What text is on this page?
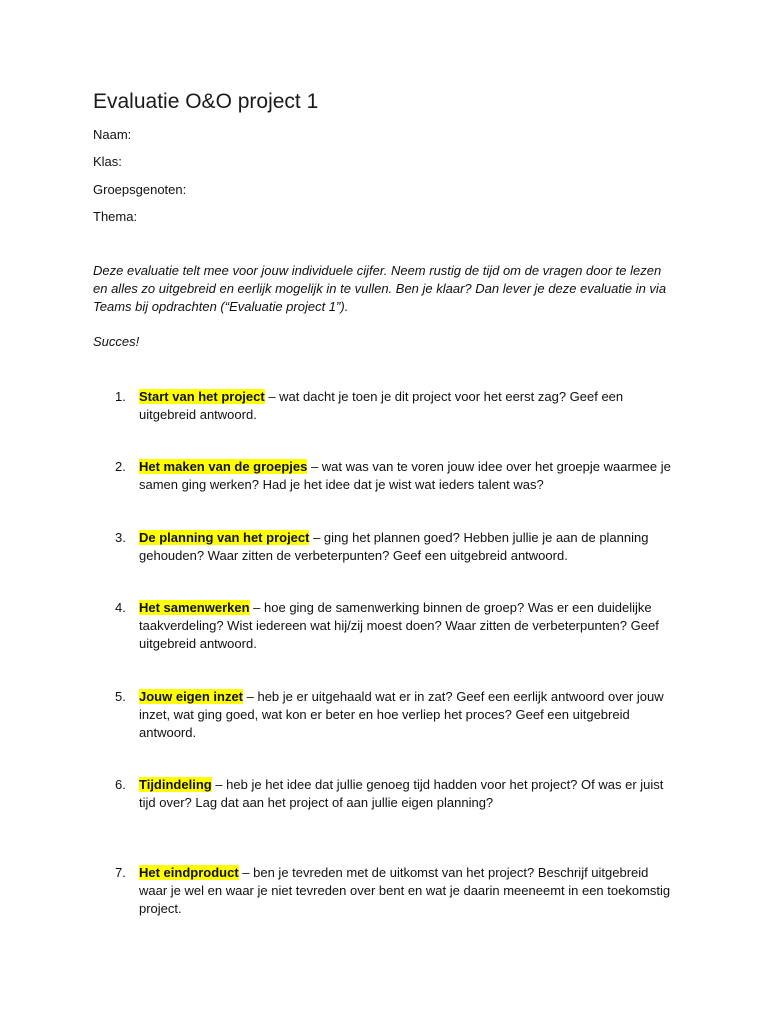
Evaluatie O&O project 1
Naam:
Klas:
Groepsgenoten:
Thema:
Deze evaluatie telt mee voor jouw individuele cijfer. Neem rustig de tijd om de vragen door te lezen en alles zo uitgebreid en eerlijk mogelijk in te vullen. Ben je klaar? Dan lever je deze evaluatie in via Teams bij opdrachten (“Evaluatie project 1”).
Succes!
1.	Start van het project – wat dacht je toen je dit project voor het eerst zag? Geef een uitgebreid antwoord.
2.	Het maken van de groepjes – wat was van te voren jouw idee over het groepje waarmee je samen ging werken? Had je het idee dat je wist wat ieders talent was?
3.	De planning van het project – ging het plannen goed? Hebben jullie je aan de planning gehouden? Waar zitten de verbeterpunten? Geef een uitgebreid antwoord.
4.	Het samenwerken – hoe ging de samenwerking binnen de groep? Was er een duidelijke taakverdeling? Wist iedereen wat hij/zij moest doen? Waar zitten de verbeterpunten? Geef uitgebreid antwoord.
5.	Jouw eigen inzet – heb je er uitgehaald wat er in zat? Geef een eerlijk antwoord over jouw inzet, wat ging goed, wat kon er beter en hoe verliep het proces? Geef een uitgebreid antwoord.
6.	Tijdindeling – heb je het idee dat jullie genoeg tijd hadden voor het project? Of was er juist tijd over? Lag dat aan het project of aan jullie eigen planning?
7.	Het eindproduct – ben je tevreden met de uitkomst van het project? Beschrijf uitgebreid waar je wel en waar je niet tevreden over bent en wat je daarin meeneemt in een toekomstig project.
